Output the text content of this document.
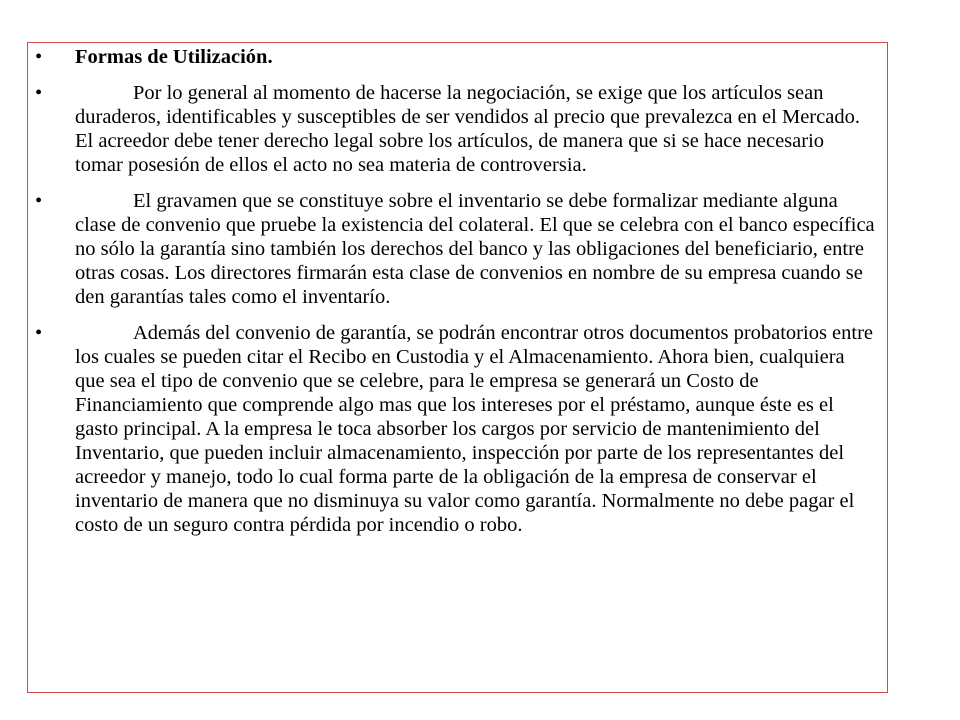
•	Formas de Utilización.
•	Por lo general al momento de hacerse la negociación, se exige que los artículos sean duraderos, identificables y susceptibles de ser vendidos al precio que prevalezca en el Mercado. El acreedor debe tener derecho legal sobre los artículos, de manera que si se hace necesario tomar posesión de ellos el acto no sea materia de controversia.
•	El gravamen que se constituye sobre el inventario se debe formalizar mediante alguna clase de convenio que pruebe la existencia del colateral. El que se celebra con el banco específica no sólo la garantía sino también los derechos del banco y las obligaciones del beneficiario, entre otras cosas. Los directores firmarán esta clase de convenios en nombre de su empresa cuando se den garantías tales como el inventarío.
•	Además del convenio de garantía, se podrán encontrar otros documentos probatorios entre los cuales se pueden citar el Recibo en Custodia y el Almacenamiento. Ahora bien, cualquiera que sea el tipo de convenio que se celebre, para le empresa se generará un Costo de Financiamiento que comprende algo mas que los intereses por el préstamo, aunque éste es el gasto principal. A la empresa le toca absorber los cargos por servicio de mantenimiento del Inventario, que pueden incluir almacenamiento, inspección por parte de los representantes del acreedor y manejo, todo lo cual forma parte de la obligación de la empresa de conservar el inventario de manera que no disminuya su valor como garantía. Normalmente no debe pagar el costo de un seguro contra pérdida por incendio o robo.
